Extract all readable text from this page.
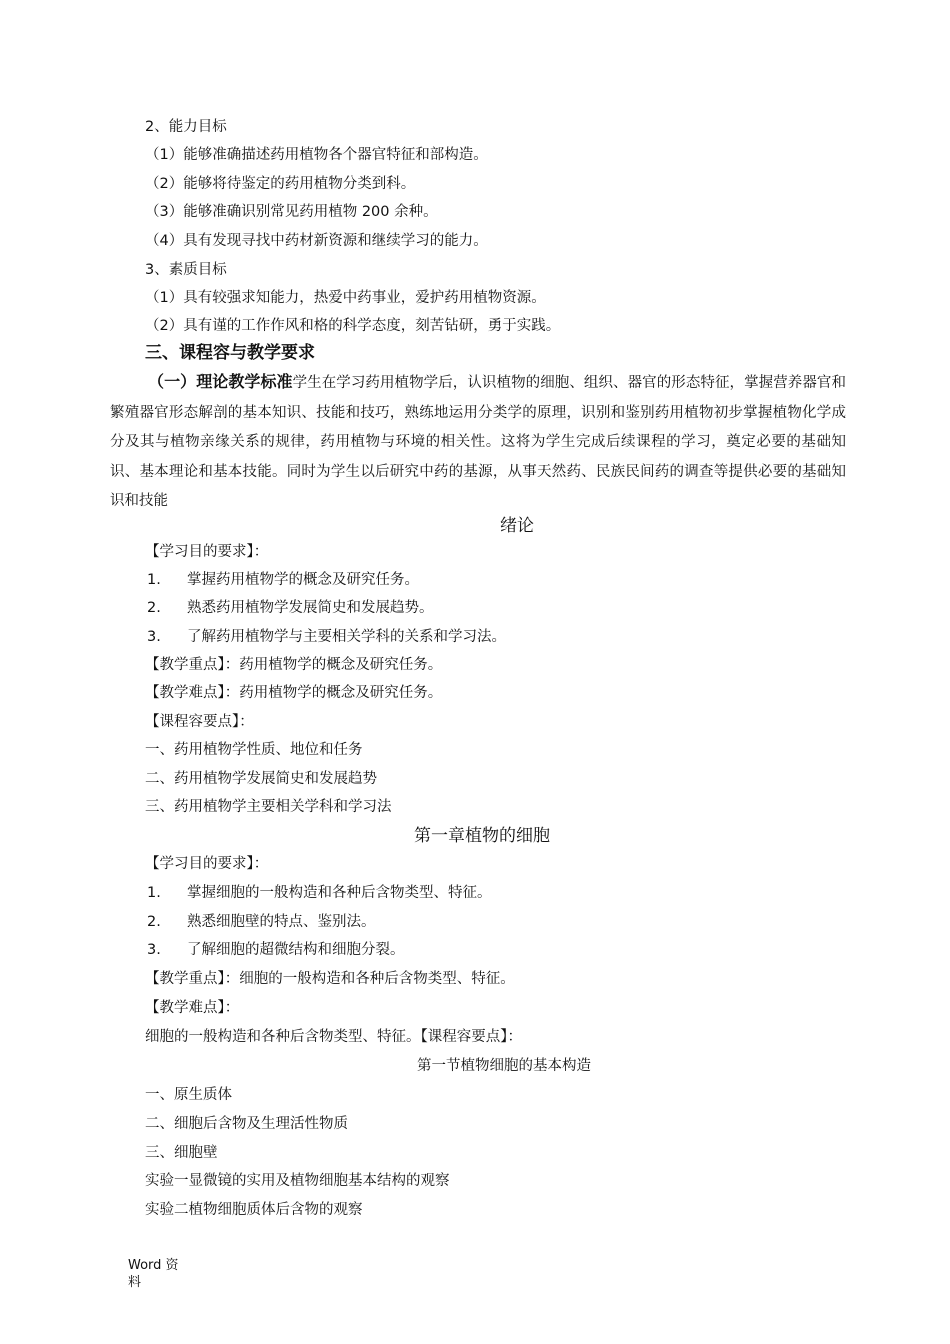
2、能力目标
（1）能够准确描述药用植物各个器官特征和部构造。
（2）能够将待鉴定的药用植物分类到科。
（3）能够准确识别常见药用植物 200 余种。
（4）具有发现寻找中药材新资源和继续学习的能力。
3、素质目标
（1）具有较强求知能力，热爱中药事业，爱护药用植物资源。
（2）具有谨的工作作风和格的科学态度，刻苦钻研，勇于实践。
三、课程容与教学要求
（一）理论教学标准学生在学习药用植物学后，认识植物的细胞、组织、器官的形态特征，掌握营养器官和繁殖器官形态解剖的基本知识、技能和技巧，熟练地运用分类学的原理，识别和鉴别药用植物初步掌握植物化学成分及其与植物亲缘关系的规律，药用植物与环境的相关性。这将为学生完成后续课程的学习，奠定必要的基础知识、基本理论和基本技能。同时为学生以后研究中药的基源，从事天然药、民族民间药的调查等提供必要的基础知识和技能
绪论
【学习目的要求】：
1. 掌握药用植物学的概念及研究任务。
2. 熟悉药用植物学发展简史和发展趋势。
3. 了解药用植物学与主要相关学科的关系和学习法。
【教学重点】：药用植物学的概念及研究任务。
【教学难点】：药用植物学的概念及研究任务。
【课程容要点】：
一、药用植物学性质、地位和任务
二、药用植物学发展简史和发展趋势
三、药用植物学主要相关学科和学习法
第一章植物的细胞
【学习目的要求】：
1. 掌握细胞的一般构造和各种后含物类型、特征。
2. 熟悉细胞壁的特点、鉴别法。
3. 了解细胞的超微结构和细胞分裂。
【教学重点】：细胞的一般构造和各种后含物类型、特征。
【教学难点】：
细胞的一般构造和各种后含物类型、特征。【课程容要点】：
第一节植物细胞的基本构造
一、原生质体
二、细胞后含物及生理活性物质
三、细胞壁
实验一显微镜的实用及植物细胞基本结构的观察
实验二植物细胞质体后含物的观察
Word 资料
